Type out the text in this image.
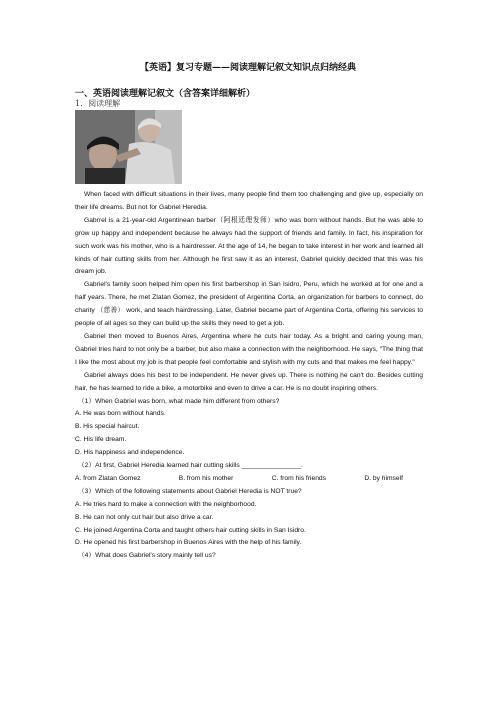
【英语】复习专题——阅读理解记叙文知识点归纳经典
一、英语阅读理解记叙文（含答案详细解析）
1．阅读理解

When faced with difficult situations in their lives, many people find them too challenging and give up, especially on their life dreams. But not for Gabriel Heredia.

Gabrrel is a 21-year-old Argentinean barber（阿根廷理发师）who was born without hands. But he was able to grow up happy and independent because he always had the support of friends and family. In fact, his inspiration for such work was his mother, who is a hairdresser. At the age of 14, he began to take interest in her work and learned all kinds of hair cutting skills from her. Although he first saw it as an interest, Gabriel quickly decided that this was his dream job.

Gabriel's family soon helped him open his first barbershop in San Isidro, Peru, which he worked at for one and a half years. There, he met Zlatan Gomez, the president of Argentina Corta, an organization for barbers to connect, do charity （慈善） work, and teach hairdressing. Later, Gabriel became part of Argentina Corta, offering his services to people of all ages so they can build up the skills they need to get a job.

Gabriel then moved to Buenos Aires, Argentina where he cuts hair today. As a bright and caring young man, Gabriel tries hard to not only be a barber, but also make a connection with the neighborhood. He says, "The thing that I like the most about my job is that people feel comfortable and stylish with my cuts and that makes me feel happy."

Gabriel always does his best to be independent. He never gives up. There is nothing he can't do. Besides cutting hair, he has learned to ride a bike, a motorbike and even to drive a car. He is no doubt inspiring others.

（1）When Gabriel was born, what made him different from others?

A. He was born without hands.

B. His special haircut.

C. His life dream.

D. His happiness and independence.

（2）At first, Gabriel Heredia learned hair cutting skills ________________.

A. from Zlatan Gomez	B. from his mother	C. from his friends	D. by himself

（3）Which of the following statements about Gabriel Heredia is NOT true?

A. He tries hard to make a connection with the neighborhood.

B. He can not only cut hair but also drive a car.

C. He joined Argentina Corta and taught others hair cutting skills in San Isidro.

D. He opened his first barbershop in Buenos Aires with the help of his family.

（4）What does Gabriel's story mainly tell us?
